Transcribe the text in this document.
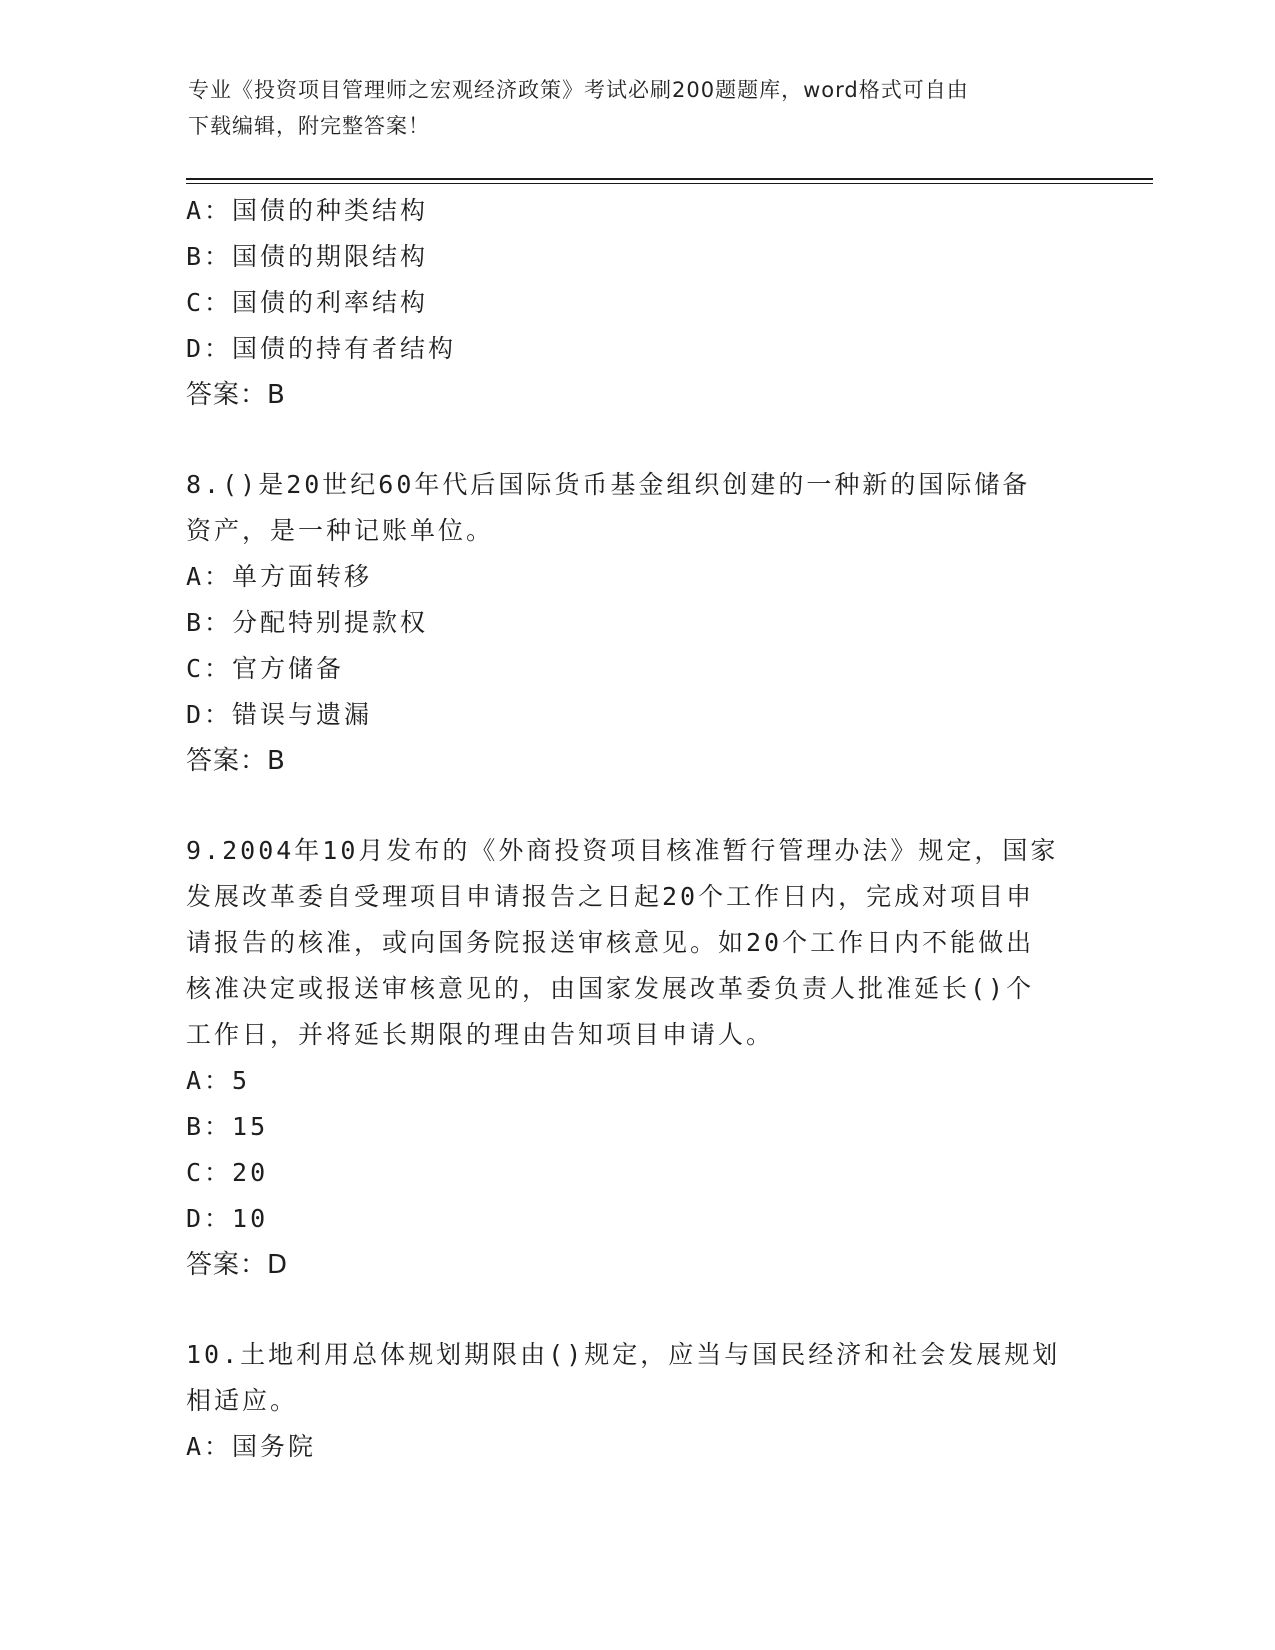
专业《投资项目管理师之宏观经济政策》考试必刷200题题库，word格式可自由
下载编辑，附完整答案！
A：国债的种类结构
B：国债的期限结构
C：国债的利率结构
D：国债的持有者结构
答案：B
8.()是20世纪60年代后国际货币基金组织创建的一种新的国际储备
资产，是一种记账单位。
A：单方面转移
B：分配特别提款权
C：官方储备
D：错误与遗漏
答案：B
9.2004年10月发布的《外商投资项目核准暂行管理办法》规定，国家
发展改革委自受理项目申请报告之日起20个工作日内，完成对项目申
请报告的核准，或向国务院报送审核意见。如20个工作日内不能做出
核准决定或报送审核意见的，由国家发展改革委负责人批准延长()个
工作日，并将延长期限的理由告知项目申请人。
A：5
B：15
C：20
D：10
答案：D
10.土地利用总体规划期限由()规定，应当与国民经济和社会发展规划
相适应。
A：国务院
